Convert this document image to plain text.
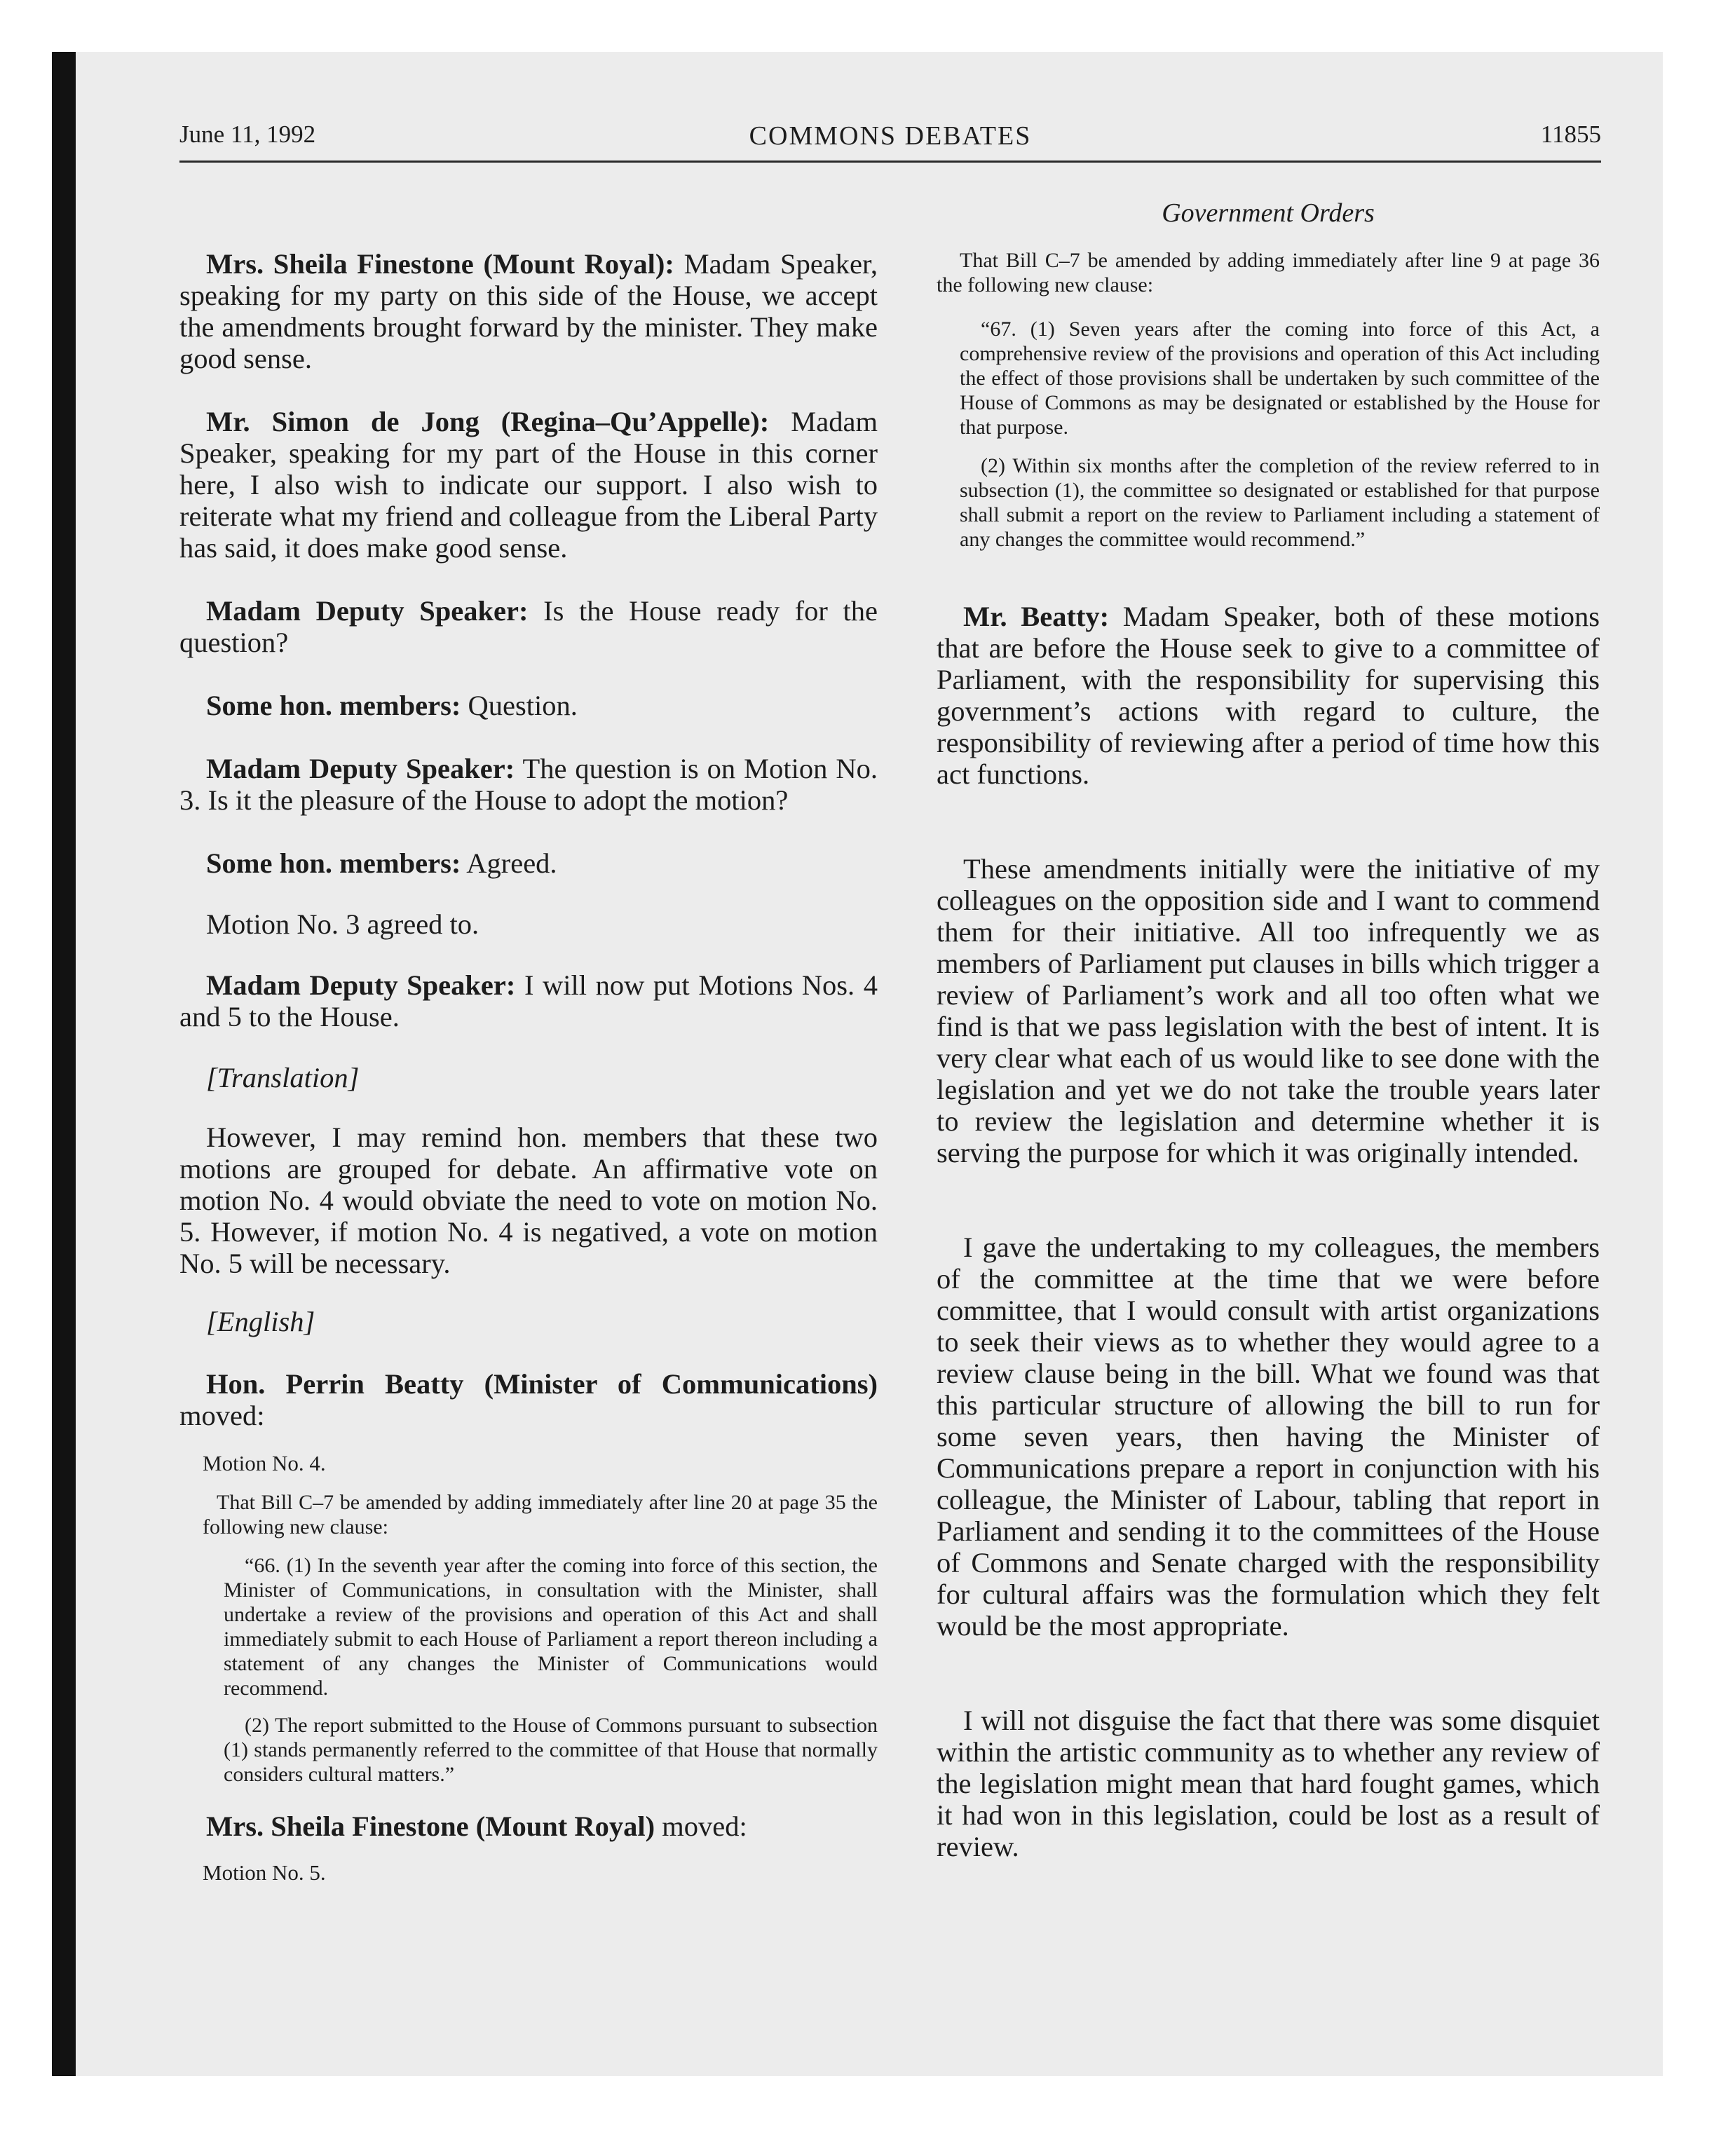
June 11, 1992	COMMONS DEBATES	11855
Government Orders

Mrs. Sheila Finestone (Mount Royal): Madam Speaker, speaking for my party on this side of the House, we accept the amendments brought forward by the minister. They make good sense.

Mr. Simon de Jong (Regina–Qu’Appelle): Madam Speaker, speaking for my part of the House in this corner here, I also wish to indicate our support. I also wish to reiterate what my friend and colleague from the Liberal Party has said, it does make good sense.

Madam Deputy Speaker: Is the House ready for the question?

Some hon. members: Question.

Madam Deputy Speaker: The question is on Motion No. 3. Is it the pleasure of the House to adopt the motion?

Some hon. members: Agreed.

Motion No. 3 agreed to.

Madam Deputy Speaker: I will now put Motions Nos. 4 and 5 to the House.

[Translation]

However, I may remind hon. members that these two motions are grouped for debate. An affirmative vote on motion No. 4 would obviate the need to vote on motion No. 5. However, if motion No. 4 is negatived, a vote on motion No. 5 will be necessary.

[English]

Hon. Perrin Beatty (Minister of Communications) moved:

Motion No. 4.

That Bill C–7 be amended by adding immediately after line 20 at page 35 the following new clause:

“66. (1) In the seventh year after the coming into force of this section, the Minister of Communications, in consultation with the Minister, shall undertake a review of the provisions and operation of this Act and shall immediately submit to each House of Parliament a report thereon including a statement of any changes the Minister of Communications would recommend.

(2) The report submitted to the House of Commons pursuant to subsection (1) stands permanently referred to the committee of that House that normally considers cultural matters.”

Mrs. Sheila Finestone (Mount Royal) moved:

Motion No. 5.

That Bill C–7 be amended by adding immediately after line 9 at page 36 the following new clause:

“67. (1) Seven years after the coming into force of this Act, a comprehensive review of the provisions and operation of this Act including the effect of those provisions shall be undertaken by such committee of the House of Commons as may be designated or established by the House for that purpose.

(2) Within six months after the completion of the review referred to in subsection (1), the committee so designated or established for that purpose shall submit a report on the review to Parliament including a statement of any changes the committee would recommend.”

Mr. Beatty: Madam Speaker, both of these motions that are before the House seek to give to a committee of Parliament, with the responsibility for supervising this government’s actions with regard to culture, the responsibility of reviewing after a period of time how this act functions.

These amendments initially were the initiative of my colleagues on the opposition side and I want to commend them for their initiative. All too infrequently we as members of Parliament put clauses in bills which trigger a review of Parliament’s work and all too often what we find is that we pass legislation with the best of intent. It is very clear what each of us would like to see done with the legislation and yet we do not take the trouble years later to review the legislation and determine whether it is serving the purpose for which it was originally intended.

I gave the undertaking to my colleagues, the members of the committee at the time that we were before committee, that I would consult with artist organizations to seek their views as to whether they would agree to a review clause being in the bill. What we found was that this particular structure of allowing the bill to run for some seven years, then having the Minister of Communications prepare a report in conjunction with his colleague, the Minister of Labour, tabling that report in Parliament and sending it to the committees of the House of Commons and Senate charged with the responsibility for cultural affairs was the formulation which they felt would be the most appropriate.

I will not disguise the fact that there was some disquiet within the artistic community as to whether any review of the legislation might mean that hard fought games, which it had won in this legislation, could be lost as a result of review.
